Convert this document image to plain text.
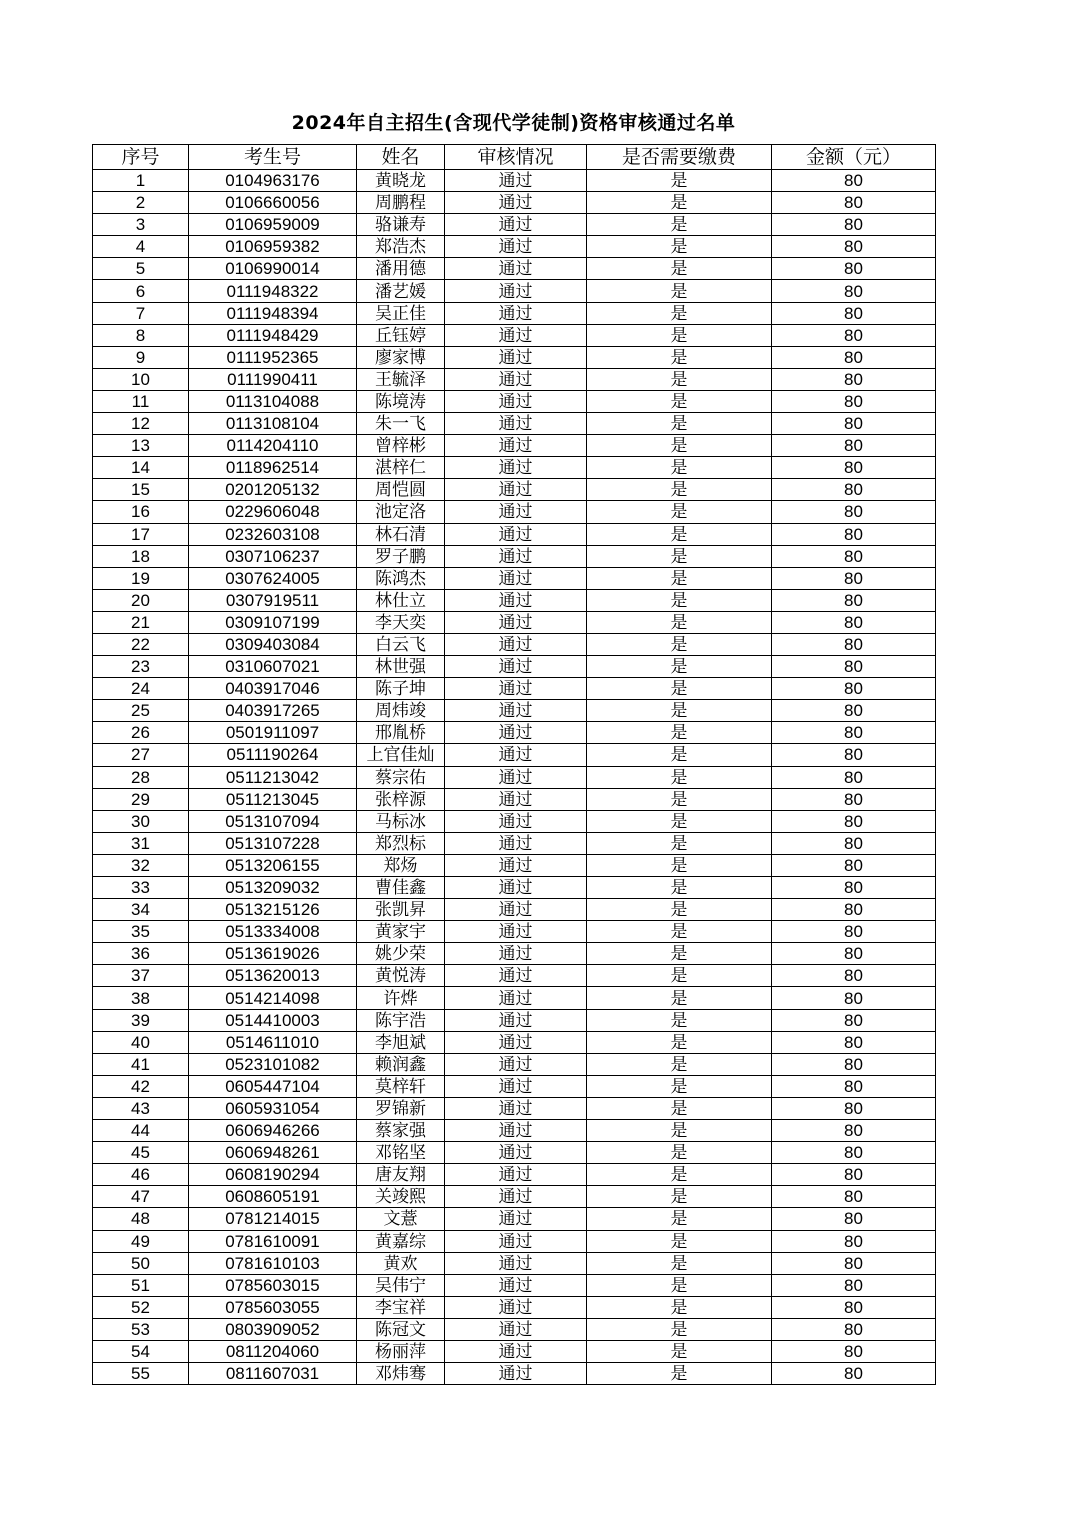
2024年自主招生(含现代学徒制)资格审核通过名单
序号	考生号	姓名	审核情况	是否需要缴费	金额（元）
1	0104963176	黄晓龙	通过	是	80
2	0106660056	周鹏程	通过	是	80
3	0106959009	骆谦寿	通过	是	80
4	0106959382	郑浩杰	通过	是	80
5	0106990014	潘用德	通过	是	80
6	0111948322	潘艺媛	通过	是	80
7	0111948394	吴正佳	通过	是	80
8	0111948429	丘钰婷	通过	是	80
9	0111952365	廖家博	通过	是	80
10	0111990411	王毓泽	通过	是	80
11	0113104088	陈境涛	通过	是	80
12	0113108104	朱一飞	通过	是	80
13	0114204110	曾梓彬	通过	是	80
14	0118962514	湛梓仁	通过	是	80
15	0201205132	周恺圆	通过	是	80
16	0229606048	池定洛	通过	是	80
17	0232603108	林石清	通过	是	80
18	0307106237	罗子鹏	通过	是	80
19	0307624005	陈鸿杰	通过	是	80
20	0307919511	林仕立	通过	是	80
21	0309107199	李天奕	通过	是	80
22	0309403084	白云飞	通过	是	80
23	0310607021	林世强	通过	是	80
24	0403917046	陈子坤	通过	是	80
25	0403917265	周炜竣	通过	是	80
26	0501911097	邢胤桥	通过	是	80
27	0511190264	上官佳灿	通过	是	80
28	0511213042	蔡宗佑	通过	是	80
29	0511213045	张梓源	通过	是	80
30	0513107094	马标冰	通过	是	80
31	0513107228	郑烈标	通过	是	80
32	0513206155	郑炀	通过	是	80
33	0513209032	曹佳鑫	通过	是	80
34	0513215126	张凯昇	通过	是	80
35	0513334008	黄家宇	通过	是	80
36	0513619026	姚少荣	通过	是	80
37	0513620013	黄悦涛	通过	是	80
38	0514214098	许烨	通过	是	80
39	0514410003	陈宇浩	通过	是	80
40	0514611010	李旭斌	通过	是	80
41	0523101082	赖润鑫	通过	是	80
42	0605447104	莫梓轩	通过	是	80
43	0605931054	罗锦新	通过	是	80
44	0606946266	蔡家强	通过	是	80
45	0606948261	邓铭坚	通过	是	80
46	0608190294	唐友翔	通过	是	80
47	0608605191	关竣熙	通过	是	80
48	0781214015	文薏	通过	是	80
49	0781610091	黄嘉综	通过	是	80
50	0781610103	黄欢	通过	是	80
51	0785603015	吴伟宁	通过	是	80
52	0785603055	李宝祥	通过	是	80
53	0803909052	陈冠文	通过	是	80
54	0811204060	杨丽萍	通过	是	80
55	0811607031	邓炜骞	通过	是	80
